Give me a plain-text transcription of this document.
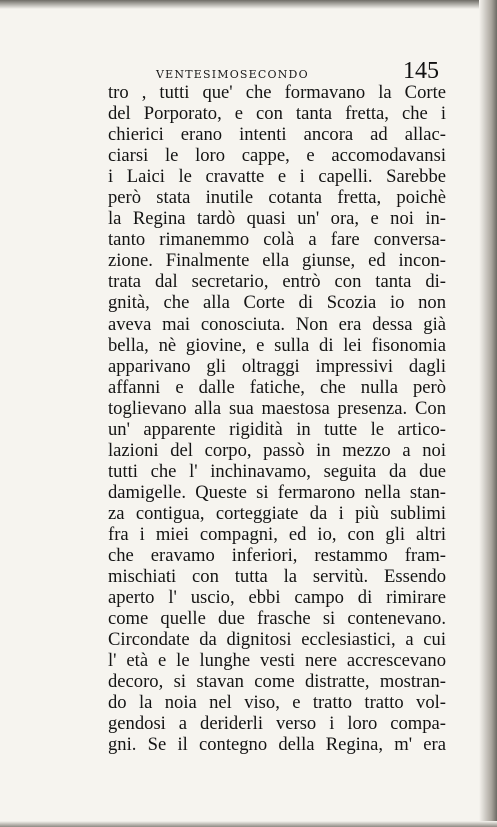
VENTESIMOSECONDO	145
tro , tutti que' che formavano la Corte
del Porporato, e con tanta fretta, che i
chierici erano intenti ancora ad allac-
ciarsi le loro cappe, e accomodavansi
i Laici le cravatte e i capelli. Sarebbe
però stata inutile cotanta fretta, poichè
la Regina tardò quasi un' ora, e noi in-
tanto rimanemmo colà a fare conversa-
zione. Finalmente ella giunse, ed incon-
trata dal secretario, entrò con tanta di-
gnità, che alla Corte di Scozia io non
aveva mai conosciuta. Non era dessa già
bella, nè giovine, e sulla di lei fisonomia
apparivano gli oltraggi impressivi dagli
affanni e dalle fatiche, che nulla però
toglievano alla sua maestosa presenza. Con
un' apparente rigidità in tutte le artico-
lazioni del corpo, passò in mezzo a noi
tutti che l' inchinavamo, seguita da due
damigelle. Queste si fermarono nella stan-
za contigua, corteggiate da i più sublimi
fra i miei compagni, ed io, con gli altri
che eravamo inferiori, restammo fram-
mischiati con tutta la servitù. Essendo
aperto l' uscio, ebbi campo di rimirare
come quelle due frasche si contenevano.
Circondate da dignitosi ecclesiastici, a cui
l' età e le lunghe vesti nere accrescevano
decoro, si stavan come distratte, mostran-
do la noia nel viso, e tratto tratto vol-
gendosi a deriderli verso i loro compa-
gni. Se il contegno della Regina, m' era
